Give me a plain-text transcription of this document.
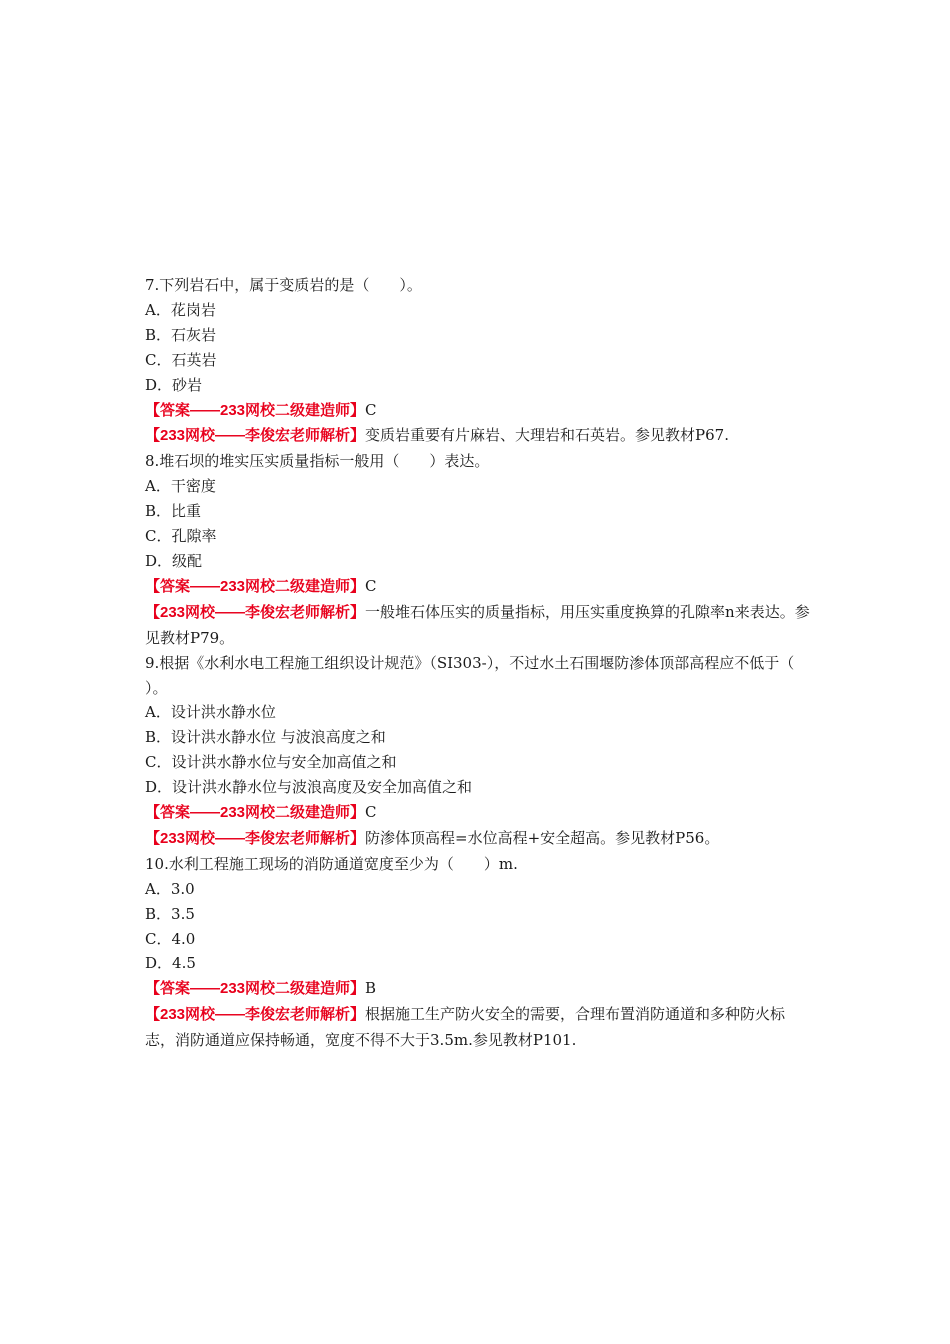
7.下列岩石中，属于变质岩的是（　　）。
A．花岗岩
B．石灰岩
C．石英岩
D．砂岩
【答案——233网校二级建造师】C
【233网校——李俊宏老师解析】变质岩重要有片麻岩、大理岩和石英岩。参见教材P67.
8.堆石坝的堆实压实质量指标一般用（　　）表达。
A．干密度
B．比重
C．孔隙率
D．级配
【答案——233网校二级建造师】C
【233网校——李俊宏老师解析】一般堆石体压实的质量指标，用压实重度换算的孔隙率n来表达。参见教材P79。
9.根据《水利水电工程施工组织设计规范》（SI303-），不过水土石围堰防渗体顶部高程应不低于（　　）。
A．设计洪水静水位
B．设计洪水静水位 与波浪高度之和
C．设计洪水静水位与安全加高值之和
D．设计洪水静水位与波浪高度及安全加高值之和
【答案——233网校二级建造师】C
【233网校——李俊宏老师解析】防渗体顶高程=水位高程+安全超高。参见教材P56。
10.水利工程施工现场的消防通道宽度至少为（　　）m.
A．3.0
B．3.5
C．4.0
D．4.5
【答案——233网校二级建造师】B
【233网校——李俊宏老师解析】根据施工生产防火安全的需要，合理布置消防通道和多种防火标志，消防通道应保持畅通，宽度不得不大于3.5m.参见教材P101.
